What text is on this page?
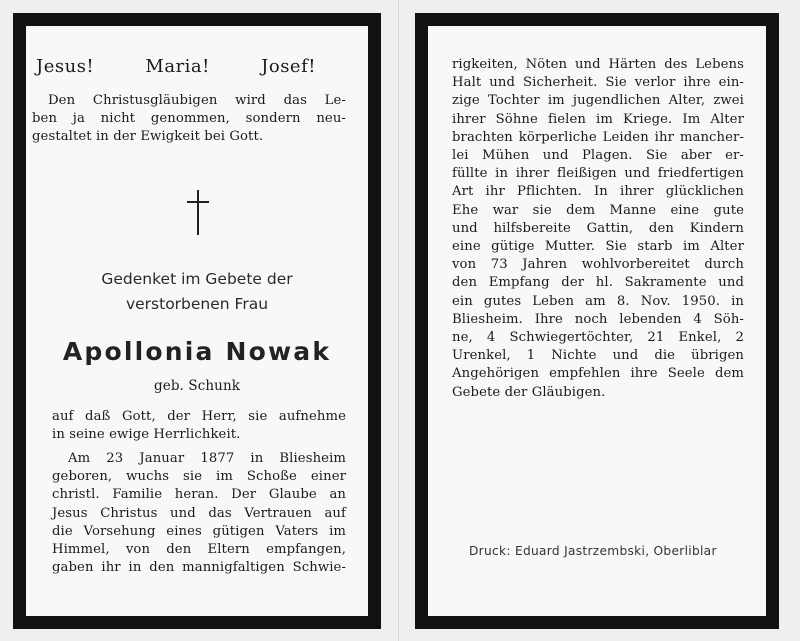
Jesus!	Maria!	Josef!
Den Christusgläubigen wird das Le-
ben ja nicht genommen, sondern neu-
gestaltet in der Ewigkeit bei Gott.
Gedenket im Gebete der
verstorbenen Frau
Apollonia Nowak
geb. Schunk
auf daß Gott, der Herr, sie aufnehme
in seine ewige Herrlichkeit.
Am 23 Januar 1877 in Bliesheim
geboren, wuchs sie im Schoße einer
christl. Familie heran. Der Glaube an
Jesus Christus und das Vertrauen auf
die Vorsehung eines gütigen Vaters im
Himmel, von den Eltern empfangen,
gaben ihr in den mannigfaltigen Schwie-
rigkeiten, Nöten und Härten des Lebens
Halt und Sicherheit. Sie verlor ihre ein-
zige Tochter im jugendlichen Alter, zwei
ihrer Söhne fielen im Kriege. Im Alter
brachten körperliche Leiden ihr mancher-
lei Mühen und Plagen. Sie aber er-
füllte in ihrer fleißigen und friedfertigen
Art ihr Pflichten. In ihrer glücklichen
Ehe war sie dem Manne eine gute
und hilfsbereite Gattin, den Kindern
eine gütige Mutter. Sie starb im Alter
von 73 Jahren wohlvorbereitet durch
den Empfang der hl. Sakramente und
ein gutes Leben am 8. Nov. 1950. in
Bliesheim. Ihre noch lebenden 4 Söh-
ne, 4 Schwiegertöchter, 21 Enkel, 2
Urenkel, 1 Nichte und die übrigen
Angehörigen empfehlen ihre Seele dem
Gebete der Gläubigen.
Druck: Eduard Jastrzembski, Oberliblar
